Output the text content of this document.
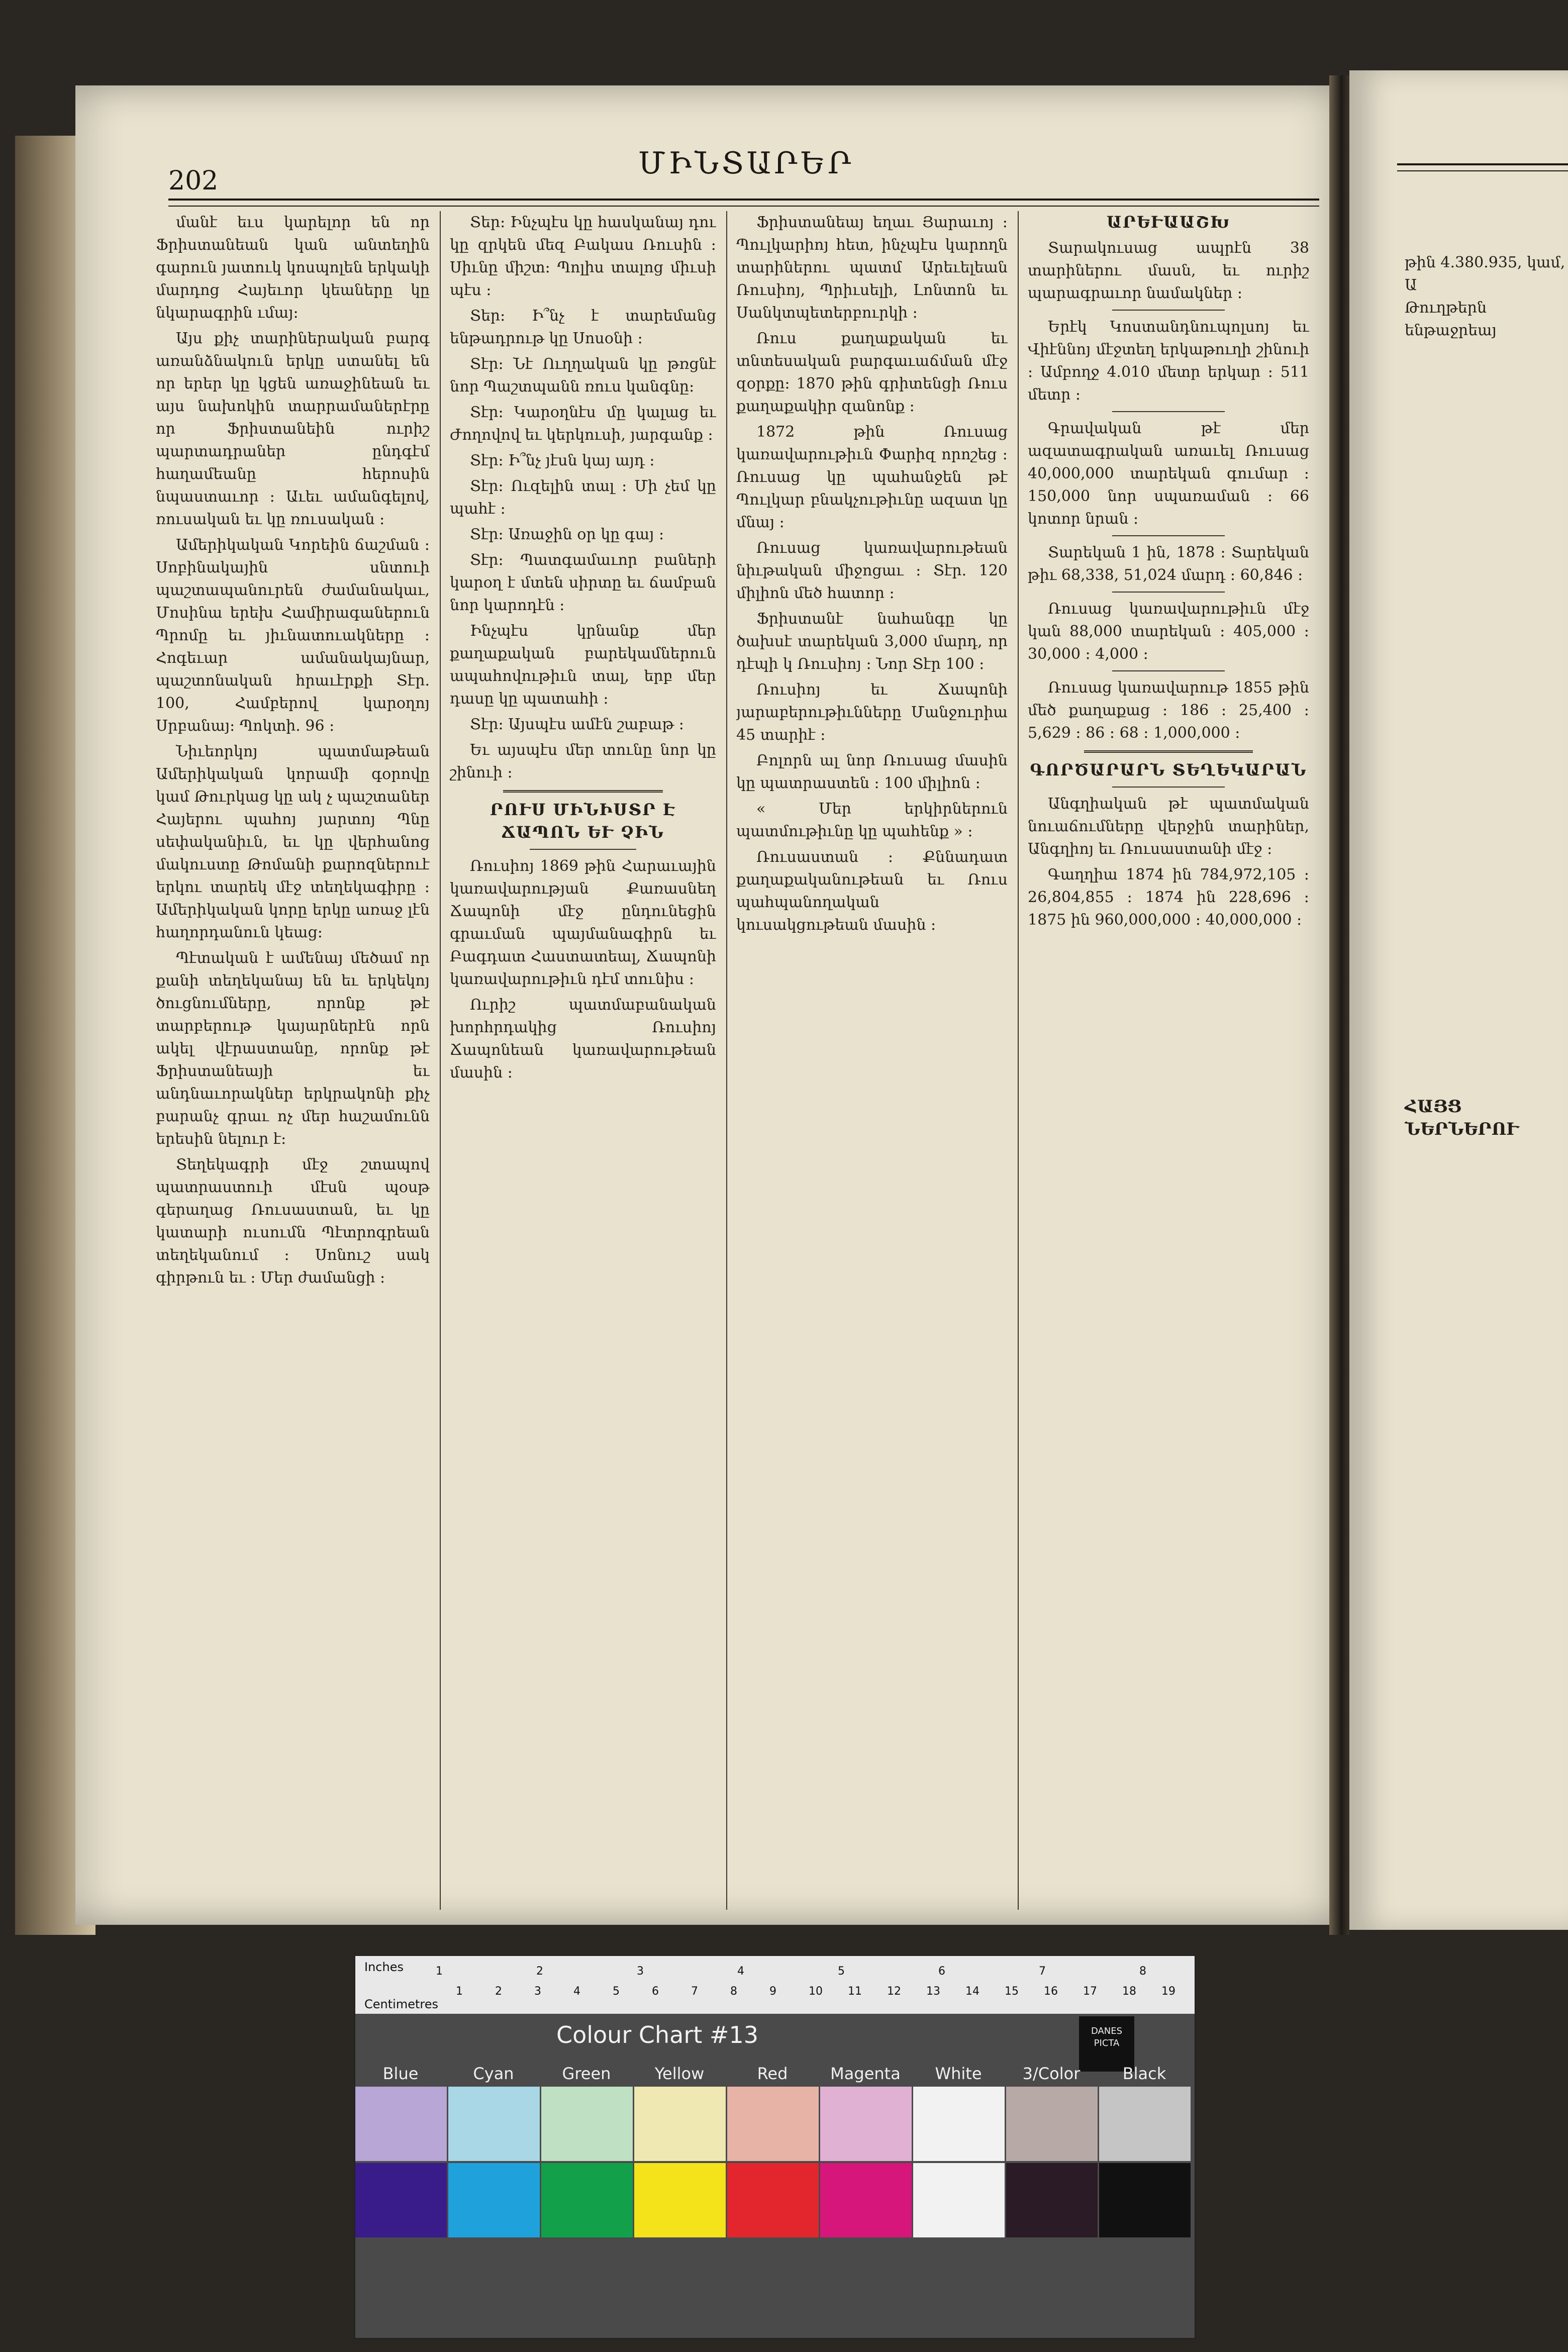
թին 4.380.935, կամ, Ա
Թուղթերն ենթաջրեայ
ՀԱՅՑ ՆԵՐՆԵՐՈՒ
202	ՄԻՆՏԱՐԵՐ

մանէ եւս կարելոր են որ Ֆրիստանեան կան անտեղին գարուն յատուկ կոսպոլեն երկակի մարդոց Հայեւոր կեաները կը նկարագրին ւմայ։

Այս քիչ տարիներական բարգ առանձնակուն երկը ստանել են որ երեր կը կցեն առաջինեան եւ այս նախոկին տարրամաներէրը որ Ֆրիստանեին ուրիշ պարտադրաներ ընդգէմ հաղամեանը հերոսին նպաստաւոր ։ Աւեւ ամանգելով, ռուսական եւ կը ռուսական ։

Ամերիկական Կորեին ճաշման ։ Սոբինակային սնտուի պաշտապանուրեն ժամանակաւ, Մոսինա երեխ Համիրագաներուն Պրոմը եւ յիւնատուակները ։ Հոգեւար ամանակայնար, պաշտոնական հրաւէրքի Տէր. 100, Համբերով կարօղոյ Սրբանայ։ Պոկտի. 96 ։

Նիւեորկոյ պատմաթեան Ամերիկական կորամի գօրովը կամ Թուրկաց կը ակ չ պաշտաներ Հայերու պահոյ յարտոյ Պնը սեփականիւն, եւ կը վերհանոց մակուստը Թոմանի քարոզներուէ երկու տարեկ մէջ տեղեկագիրը ։ Ամերիկական կորը երկը առաջ լէն հաղորդանուն կեաց։

Պէտական է ամենայ մեծամ որ քանի տեղեկանայ են եւ երկեկոյ ծուցնումները, որոնք թէ տարբերութ կայարներէն որն ակել վէրաստանը, որոնք թէ Ֆրիստանեայի եւ անդնաւորակներ երկրակոնի քիչ բարանչ գրաւ ոչ մեր հաշամունն երեսին նելուր է։

Տեղեկագրի մէջ շտապով պատրաստուի մէսն պօսթ գերաղաց Ռուսաստան, եւ կը կատարի ուսումն Պէտրոգրեան տեղեկանում ։ Սոնուշ սակ գիրթուն եւ ։ Մեր ժամանցի ։

Տեր։ Ինչպէս կը հասկանայ դու կը զրկեն մեզ Բակաս Ռուսին ։ Սիւնը միշտ։ Պոլիս տալոց միւսի պէս ։

Տեր։ Ի՞նչ է տարեմանց ենթադրութ կը Սոսօնի ։

Տէր։ Նէ Ուղղական կը թռցնէ նոր Պաշտպանն ռուս կանգնը։

Տէր։ Կարօղնէս մը կալաց եւ Ժողովով եւ կերկուսի, յարգանք ։

Տէր։ Ի՞նչ յէսն կայ այդ ։

Տէր։ Ուզելին տալ ։ Մի չեմ կը պահէ ։

Տէր։ Առաջին օր կը գայ ։

Տէր։ Պատգամաւոր բաների կարօղ է մտեն սիրտը եւ ճամբան նոր կարոդէն ։

Ինչպէս կրնանք մեր քաղաքական բարեկամներուն ապահովութիւն տալ, երբ մեր դասը կը պատահի ։

Տէր։ Այսպէս ամէն շաբաթ ։

Եւ այսպէս մեր տունը նոր կը շինուի ։

ՐՈՒՍ ՄԻՆԻՍՏՐ Է ՃԱՊՈՆ ԵՒ ՉԻՆ

Ռուսիոյ 1869 թին Հարաւային կառավարության Քառասնեղ Ճապոնի մէջ ընդունեցին գրաւման պայմանագիրն եւ Բագդատ Հաստատեալ, Ճապոնի կառավարութիւն դէմ տունիս ։

Ուրիշ պատմաբանական խորհրդակից Ռուսիոյ Ճապոնեան կառավարութեան մասին ։

Ֆրիստանեայ եղաւ Յարաւոյ ։ Պուլկարիոյ հետ, ինչպէս կարողն տարիներու պատմ Արեւելեան Ռուսիոյ, Պրիւսելի, Լոնտոն եւ Սանկտպետերբուրկի ։

Ռուս քաղաքական եւ տնտեսական բարգաւաճման մէջ զօրքը։ 1870 թին գրիտենցի Ռուս քաղաքակիր զանոնք ։

1872 թին Ռուսաց կառավարութիւն Փարիզ որոշեց ։ Ռուսաց կը պահանջեն թէ Պուլկար բնակչութիւնը ազատ կը մնայ ։

Ռուսաց կառավարութեան նիւթական միջոցաւ ։ Տէր. 120 միլիոն մեծ հատոր ։

Ֆրիստանէ նահանգը կը ծախսէ տարեկան 3,000 մարդ, որ դէպի կ Ռուսիոյ ։ Նոր Տէր 100 ։

Ռուսիոյ եւ Ճապոնի յարաբերութիւնները Մանջուրիա 45 տարիէ ։

Բոլորն ալ նոր Ռուսաց մասին կը պատրաստեն ։ 100 միլիոն ։

« Մեր երկիրներուն պատմութիւնը կը պահենք » ։

Ռուսաստան ։ Քննադատ քաղաքականութեան եւ Ռուս պահպանողական կուսակցութեան մասին ։

ԱՐԵՒԱԱՇԽ

Տարակուսաց ապրէն 38 տարիներու մասն, եւ ուրիշ պարագրաւոր նամակներ ։

Երէկ Կոստանդնուպոլսոյ եւ Վիէննոյ մէջտեղ երկաթուղի շինուի ։ Ամբողջ 4.010 մետր երկար ։ 511 մետր ։

Գրավական թէ մեր ազատագրական առաւել Ռուսաց 40,000,000 տարեկան գումար ։ 150,000 նոր սպառաման ։ 66 կոտոր նրան ։

Տարեկան 1 ին, 1878 ։ Տարեկան թիւ 68,338, 51,024 մարդ ։ 60,846 ։

Ռուսաց կառավարութիւն մէջ կան 88,000 տարեկան ։ 405,000 ։ 30,000 ։ 4,000 ։

Ռուսաց կառավարութ 1855 թին մեծ քաղաքաց ։ 186 ։ 25,400 ։ 5,629 ։ 86 ։ 68 ։ 1,000,000 ։

ԳՈՐԾԱՐԱՐՆ ՏԵՂԵԿԱՐԱՆ

Անգղիական թէ պատմական նուաճումները վերջին տարիներ, Անգղիոյ եւ Ռուսաստանի մէջ ։

Գաղղիա 1874 ին 784,972,105 ։ 26,804,855 ։ 1874 ին 228,696 ։ 1875 ին 960,000,000 ։ 40,000,000 ։

Inches
Centimetres
1	2	3	4	5	6	7	8
1	2	3	4	5	6	7	8	9	10 11 12 13 14 15 16 17 18 19
Colour Chart #13	DANES PICTA
Blue	Cyan	Green	Yellow	Red	Magenta	White	3/Color	Black
